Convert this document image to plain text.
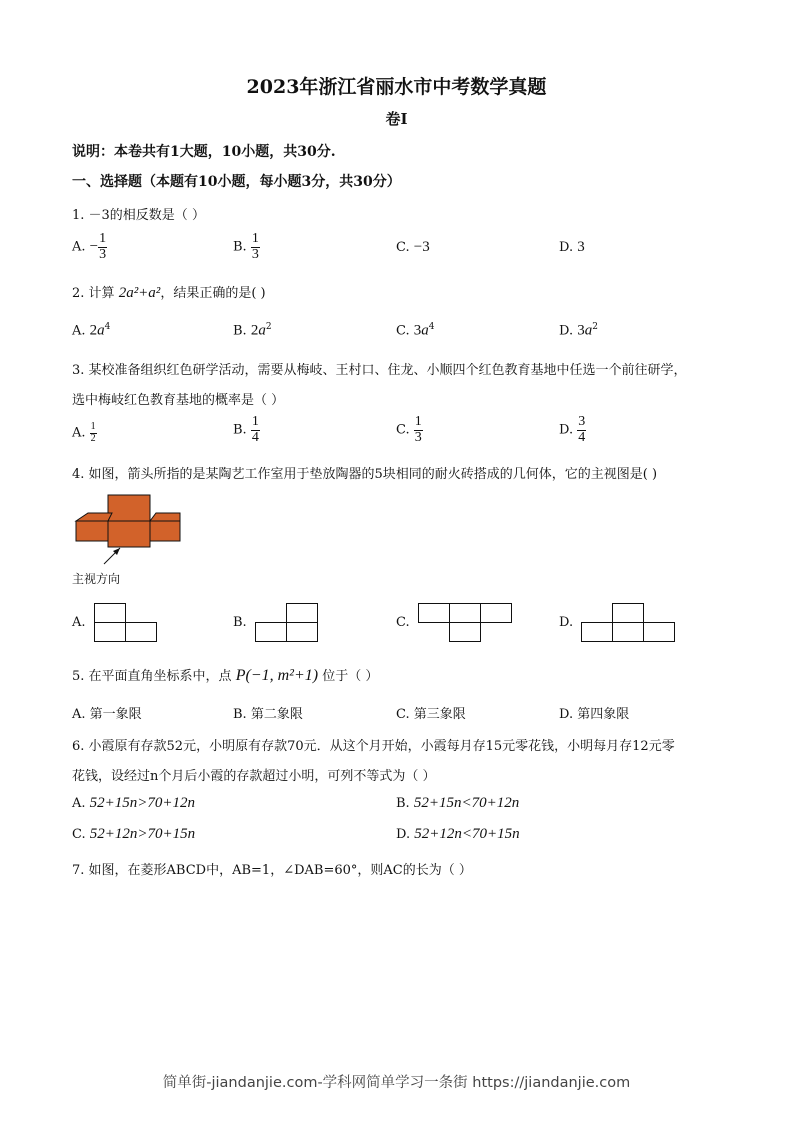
2023年浙江省丽水市中考数学真题
卷I
说明：本卷共有1大题，10小题，共30分.
一、选择题（本题有10小题，每小题3分，共30分）
1. －3的相反数是（ ）
A. − $\frac{1}{3}$	B. $\frac{1}{3}$	C. −3	D. 3
2. 计算 2a²+a²，结果正确的是( )
A. $2a^4$	B. $2a^2$	C. $3a^4$	D. $3a^2$
3. 某校准备组织红色研学活动，需要从梅岐、王村口、住龙、小顺四个红色教育基地中任选一个前往研学，
选中梅岐红色教育基地的概率是（ ）
A. $\frac{1}{2}$	B. $\frac{1}{4}$	C. $\frac{1}{3}$	D. $\frac{3}{4}$
4. 如图，箭头所指的是某陶艺工作室用于垫放陶器的5块相同的耐火砖搭成的几何体，它的主视图是( )
主视方向
A.	B.	C.	D.
5. 在平面直角坐标系中，点 P(−1, m²+1) 位于（ ）
A. 第一象限	B. 第二象限	C. 第三象限	D. 第四象限
6. 小霞原有存款52元，小明原有存款70元．从这个月开始，小霞每月存15元零花钱，小明每月存12元零
花钱，设经过n个月后小霞的存款超过小明，可列不等式为（ ）
A. 52+15n>70+12n	B. 52+15n<70+12n
C. 52+12n>70+15n	D. 52+12n<70+15n
7. 如图，在菱形ABCD中，AB=1，∠DAB=60°，则AC的长为（ ）
简单街-jiandanjie.com-学科网简单学习一条街 https://jiandanjie.com
